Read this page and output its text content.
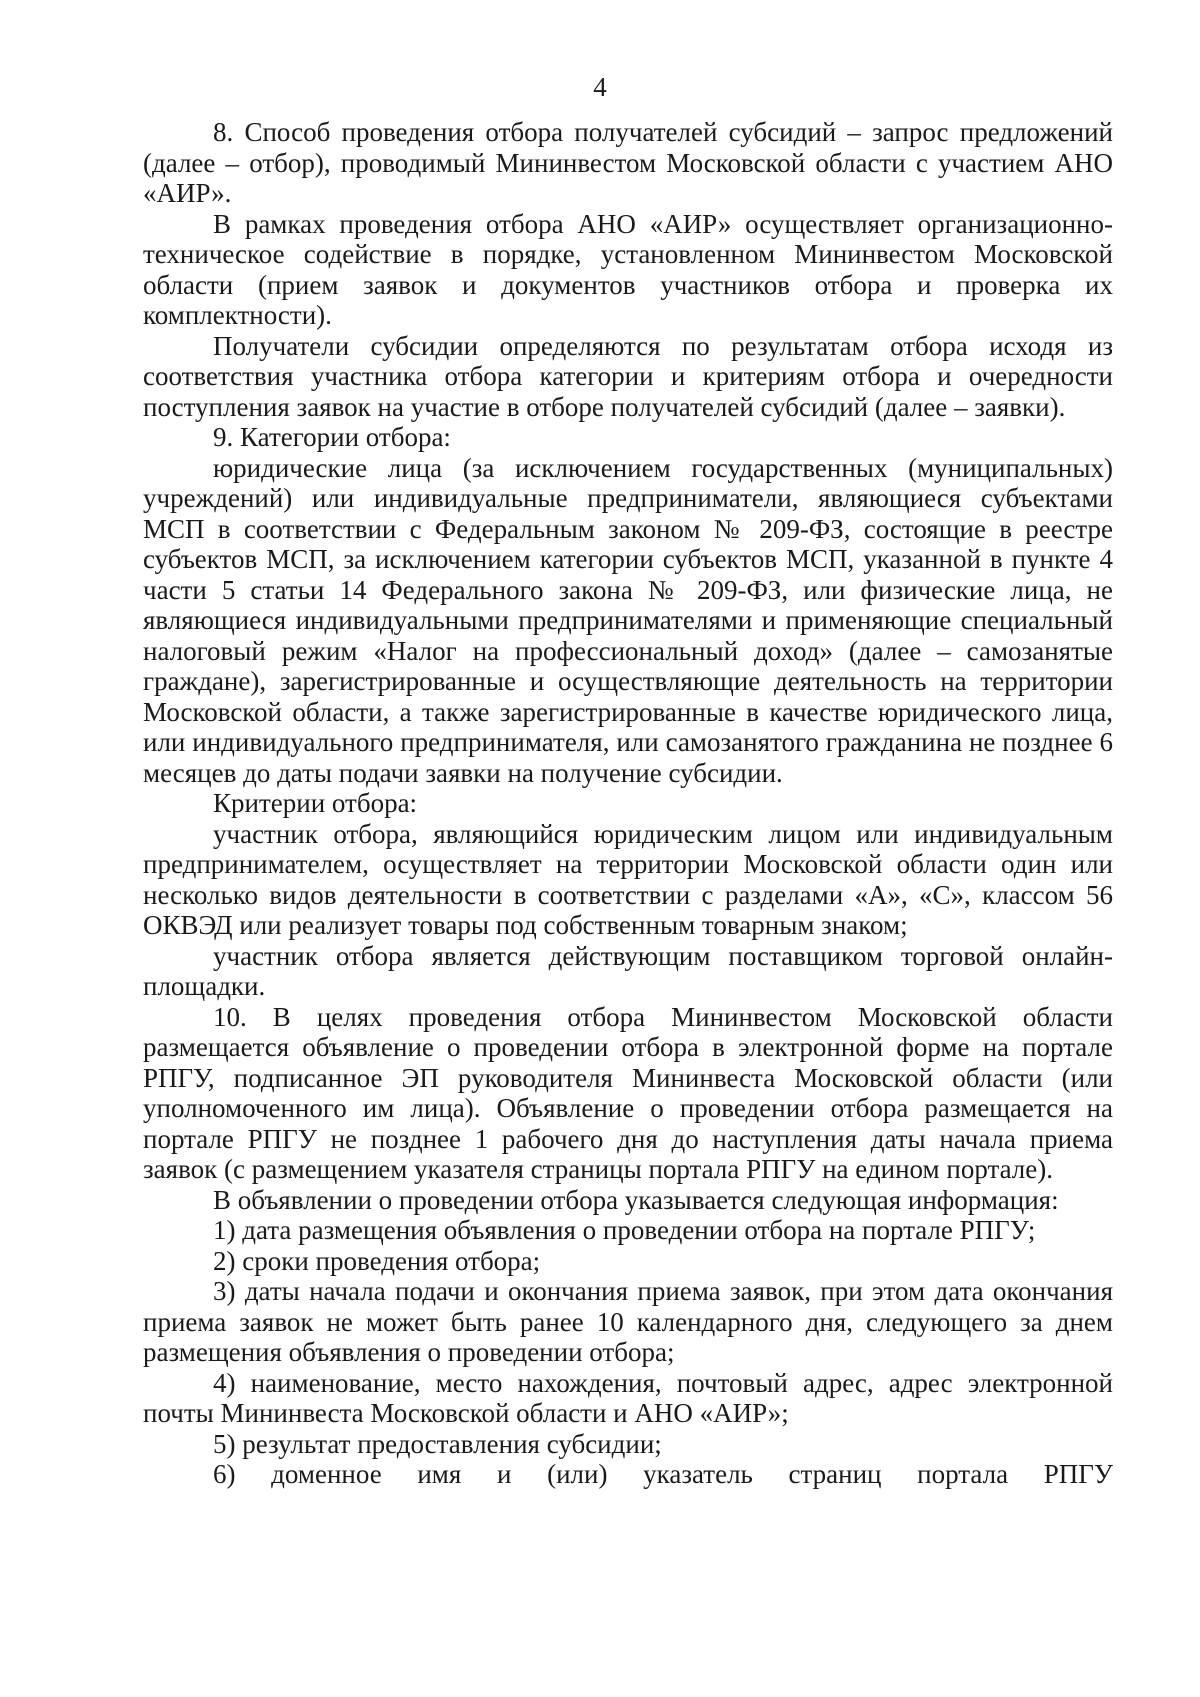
4

8. Способ проведения отбора получателей субсидий – запрос предложений (далее – отбор), проводимый Мининвестом Московской области с участием АНО «АИР».

В рамках проведения отбора АНО «АИР» осуществляет организационно-техническое содействие в порядке, установленном Мининвестом Московской области (прием заявок и документов участников отбора и проверка их комплектности).

Получатели субсидии определяются по результатам отбора исходя из соответствия участника отбора категории и критериям отбора и очередности поступления заявок на участие в отборе получателей субсидий (далее – заявки).

9. Категории отбора:

юридические лица (за исключением государственных (муниципальных) учреждений) или индивидуальные предприниматели, являющиеся субъектами МСП в соответствии с Федеральным законом № 209-ФЗ, состоящие в реестре субъектов МСП, за исключением категории субъектов МСП, указанной в пункте 4 части 5 статьи 14 Федерального закона № 209-ФЗ, или физические лица, не являющиеся индивидуальными предпринимателями и применяющие специальный налоговый режим «Налог на профессиональный доход» (далее – самозанятые граждане), зарегистрированные и осуществляющие деятельность на территории Московской области, а также зарегистрированные в качестве юридического лица, или индивидуального предпринимателя, или самозанятого гражданина не позднее 6 месяцев до даты подачи заявки на получение субсидии.

Критерии отбора:

участник отбора, являющийся юридическим лицом или индивидуальным предпринимателем, осуществляет на территории Московской области один или несколько видов деятельности в соответствии с разделами «А», «С», классом 56 ОКВЭД или реализует товары под собственным товарным знаком;

участник отбора является действующим поставщиком торговой онлайн-площадки.

10. В целях проведения отбора Мининвестом Московской области размещается объявление о проведении отбора в электронной форме на портале РПГУ, подписанное ЭП руководителя Мининвеста Московской области (или уполномоченного им лица). Объявление о проведении отбора размещается на портале РПГУ не позднее 1 рабочего дня до наступления даты начала приема заявок (с размещением указателя страницы портала РПГУ на едином портале).

В объявлении о проведении отбора указывается следующая информация:

1) дата размещения объявления о проведении отбора на портале РПГУ;

2) сроки проведения отбора;

3) даты начала подачи и окончания приема заявок, при этом дата окончания приема заявок не может быть ранее 10 календарного дня, следующего за днем размещения объявления о проведении отбора;

4) наименование, место нахождения, почтовый адрес, адрес электронной почты Мининвеста Московской области и АНО «АИР»;

5) результат предоставления субсидии;

6) доменное имя и (или) указатель страниц портала РПГУ
